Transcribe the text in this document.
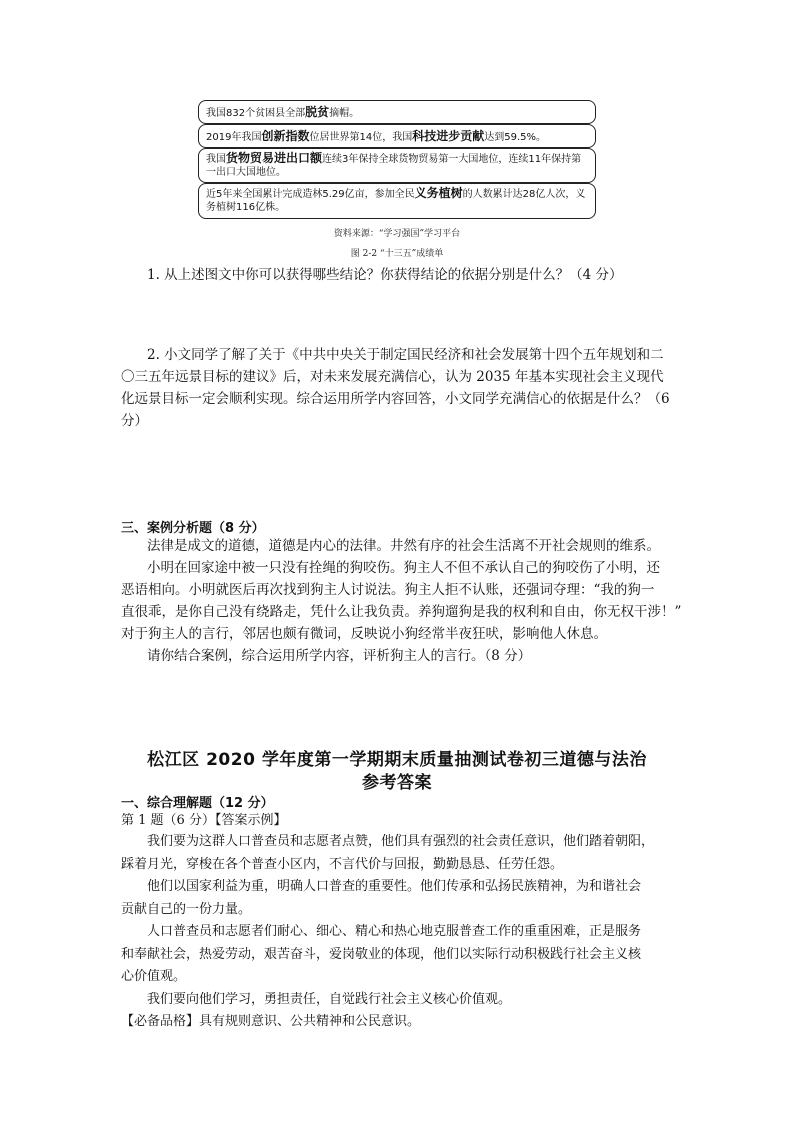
我国832个贫困县全部脱贫摘帽。
2019年我国创新指数位居世界第14位，我国科技进步贡献达到59.5%。
我国货物贸易进出口额连续3年保持全球货物贸易第一大国地位，连续11年保持第
一出口大国地位。
近5年来全国累计完成造林5.29亿亩，参加全民义务植树的人数累计达28亿人次，义
务植树116亿株。
资料来源：“学习强国”学习平台
图 2-2 “十三五”成绩单
1. 从上述图文中你可以获得哪些结论？你获得结论的依据分别是什么？（4 分）
2. 小文同学了解了关于《中共中央关于制定国民经济和社会发展第十四个五年规划和二
〇三五年远景目标的建议》后，对未来发展充满信心，认为 2035 年基本实现社会主义现代
化远景目标一定会顺利实现。综合运用所学内容回答，小文同学充满信心的依据是什么？（6
分）
三、案例分析题（8 分）
法律是成文的道德，道德是内心的法律。井然有序的社会生活离不开社会规则的维系。
小明在回家途中被一只没有拴绳的狗咬伤。狗主人不但不承认自己的狗咬伤了小明，还
恶语相向。小明就医后再次找到狗主人讨说法。狗主人拒不认账，还强词夺理：“我的狗一
直很乖，是你自己没有绕路走，凭什么让我负责。养狗遛狗是我的权利和自由，你无权干涉！”
对于狗主人的言行，邻居也颇有微词，反映说小狗经常半夜狂吠，影响他人休息。
请你结合案例，综合运用所学内容，评析狗主人的言行。（8 分）
松江区 2020 学年度第一学期期末质量抽测试卷初三道德与法治
参考答案
一、综合理解题（12 分）
第 1 题（6 分）【答案示例】
我们要为这群人口普查员和志愿者点赞，他们具有强烈的社会责任意识，他们踏着朝阳，
踩着月光，穿梭在各个普查小区内，不言代价与回报，勤勤恳恳、任劳任怨。
他们以国家利益为重，明确人口普查的重要性。他们传承和弘扬民族精神，为和谐社会
贡献自己的一份力量。
人口普查员和志愿者们耐心、细心、精心和热心地克服普查工作的重重困难，正是服务
和奉献社会，热爱劳动，艰苦奋斗，爱岗敬业的体现，他们以实际行动积极践行社会主义核
心价值观。
我们要向他们学习，勇担责任，自觉践行社会主义核心价值观。
【必备品格】具有规则意识、公共精神和公民意识。
